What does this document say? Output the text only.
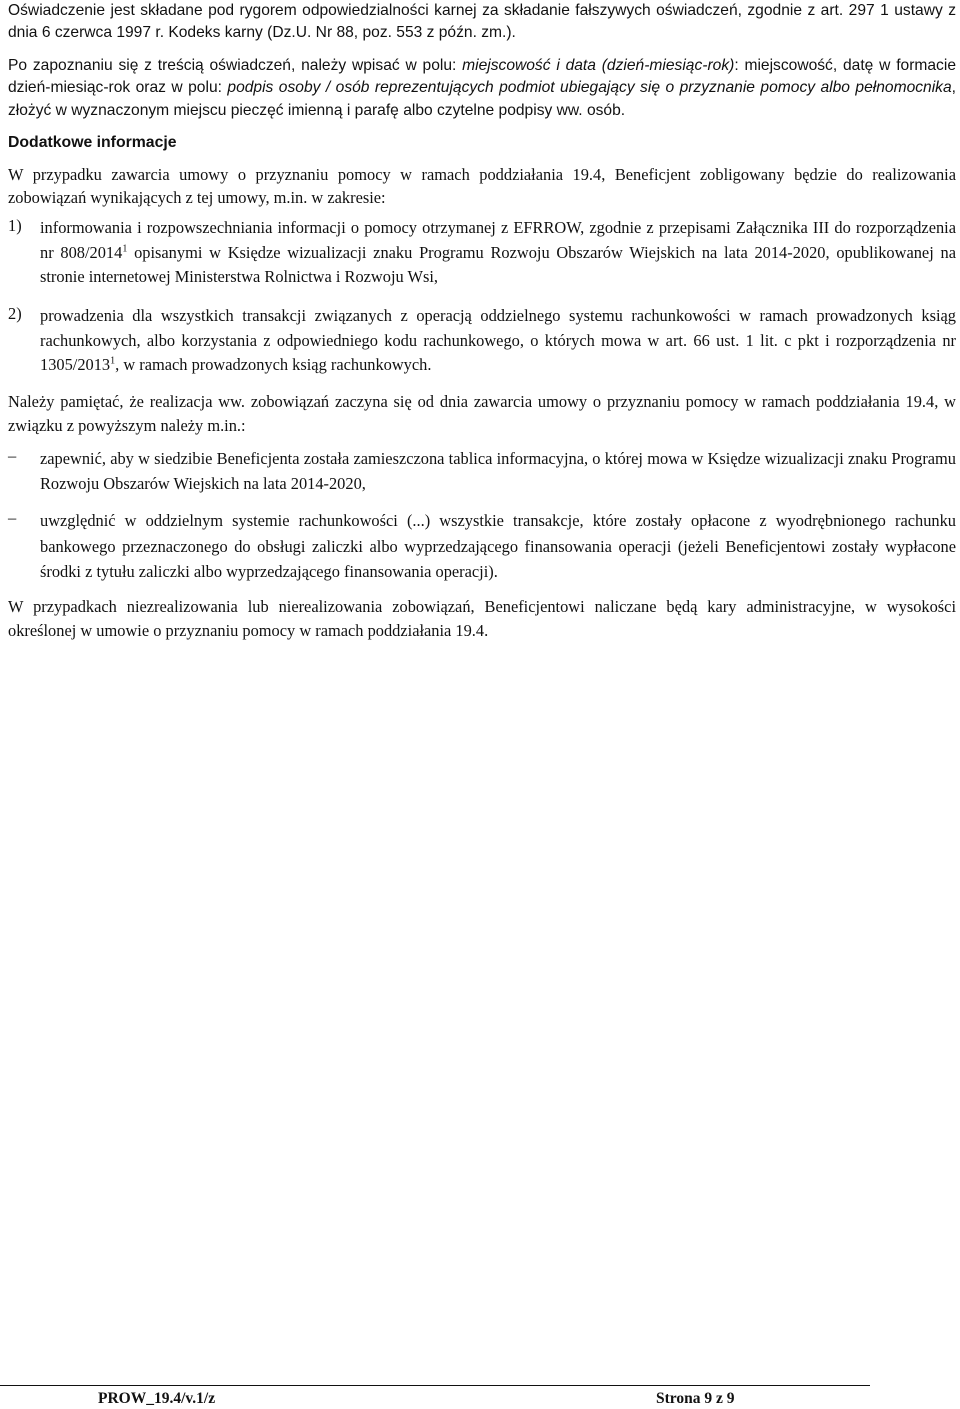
Oświadczenie jest składane pod rygorem odpowiedzialności karnej za składanie fałszywych oświadczeń, zgodnie z art. 297 1 ustawy z dnia 6 czerwca 1997 r. Kodeks karny (Dz.U. Nr 88, poz. 553 z późn. zm.).

Po zapoznaniu się z treścią oświadczeń, należy wpisać w polu: miejscowość i data (dzień-miesiąc-rok): miejscowość, datę w formacie dzień-miesiąc-rok oraz w polu: podpis osoby / osób reprezentujących podmiot ubiegający się o przyznanie pomocy albo pełnomocnika, złożyć w wyznaczonym miejscu pieczęć imienną i parafę albo czytelne podpisy ww. osób.

Dodatkowe informacje

W przypadku zawarcia umowy o przyznaniu pomocy w ramach poddziałania 19.4, Beneficjent zobligowany będzie do realizowania zobowiązań wynikających z tej umowy, m.in. w zakresie:

1) informowania i rozpowszechniania informacji o pomocy otrzymanej z EFRROW, zgodnie z przepisami Załącznika III do rozporządzenia nr 808/2014$^1$ opisanymi w Księdze wizualizacji znaku Programu Rozwoju Obszarów Wiejskich na lata 2014-2020, opublikowanej na stronie internetowej Ministerstwa Rolnictwa i Rozwoju Wsi,
2) prowadzenia dla wszystkich transakcji związanych z operacją oddzielnego systemu rachunkowości w ramach prowadzonych ksiąg rachunkowych, albo korzystania z odpowiedniego kodu rachunkowego, o których mowa w art. 66 ust. 1 lit. c pkt i rozporządzenia nr 1305/2013$^1$, w ramach prowadzonych ksiąg rachunkowych.

Należy pamiętać, że realizacja ww. zobowiązań zaczyna się od dnia zawarcia umowy o przyznaniu pomocy w ramach poddziałania 19.4, w związku z powyższym należy m.in.:

– zapewnić, aby w siedzibie Beneficjenta została zamieszczona tablica informacyjna, o której mowa w Księdze wizualizacji znaku Programu Rozwoju Obszarów Wiejskich na lata 2014-2020,
– uwzględnić w oddzielnym systemie rachunkowości (...) wszystkie transakcje, które zostały opłacone z wyodrębnionego rachunku bankowego przeznaczonego do obsługi zaliczki albo wyprzedzającego finansowania operacji (jeżeli Beneficjentowi zostały wypłacone środki z tytułu zaliczki albo wyprzedzającego finansowania operacji).

W przypadkach niezrealizowania lub nierealizowania zobowiązań, Beneficjentowi naliczane będą kary administracyjne, w wysokości określonej w umowie o przyznaniu pomocy w ramach poddziałania 19.4.

PROW_19.4/v.1/z	Strona 9 z 9
